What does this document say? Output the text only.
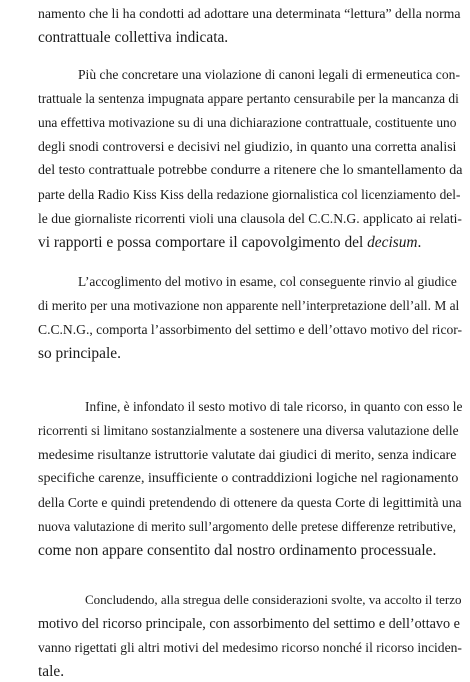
namento che li ha condotti ad adottare una determinata “lettura” della norma

contrattuale collettiva indicata.

Più che concretare una violazione di canoni legali di ermeneutica con-

trattuale la sentenza impugnata appare pertanto censurabile per la mancanza di

una effettiva motivazione su di una dichiarazione contrattuale, costituente uno

degli snodi controversi e decisivi nel giudizio, in quanto una corretta analisi

del testo contrattuale potrebbe condurre a ritenere che lo smantellamento da

parte della Radio Kiss Kiss della redazione giornalistica col licenziamento del-

le due giornaliste ricorrenti violi una clausola del C.C.N.G. applicato ai relati-

vi rapporti e possa comportare il capovolgimento del decisum.

L’accoglimento del motivo in esame, col conseguente rinvio al giudice

di merito per una motivazione non apparente nell’interpretazione dell’all. M al

C.C.N.G., comporta l’assorbimento del settimo e dell’ottavo motivo del ricor-

so principale.

Infine, è infondato il sesto motivo di tale ricorso, in quanto con esso le

ricorrenti si limitano sostanzialmente a sostenere una diversa valutazione delle

medesime risultanze istruttorie valutate dai giudici di merito, senza indicare

specifiche carenze, insufficiente o contraddizioni logiche nel ragionamento

della Corte e quindi pretendendo di ottenere da questa Corte di legittimità una

nuova valutazione di merito sull’argomento delle pretese differenze retributive,

come non appare consentito dal nostro ordinamento processuale.

Concludendo, alla stregua delle considerazioni svolte, va accolto il terzo

motivo del ricorso principale, con assorbimento del settimo e dell’ottavo e

vanno rigettati gli altri motivi del medesimo ricorso nonché il ricorso inciden-

tale.
